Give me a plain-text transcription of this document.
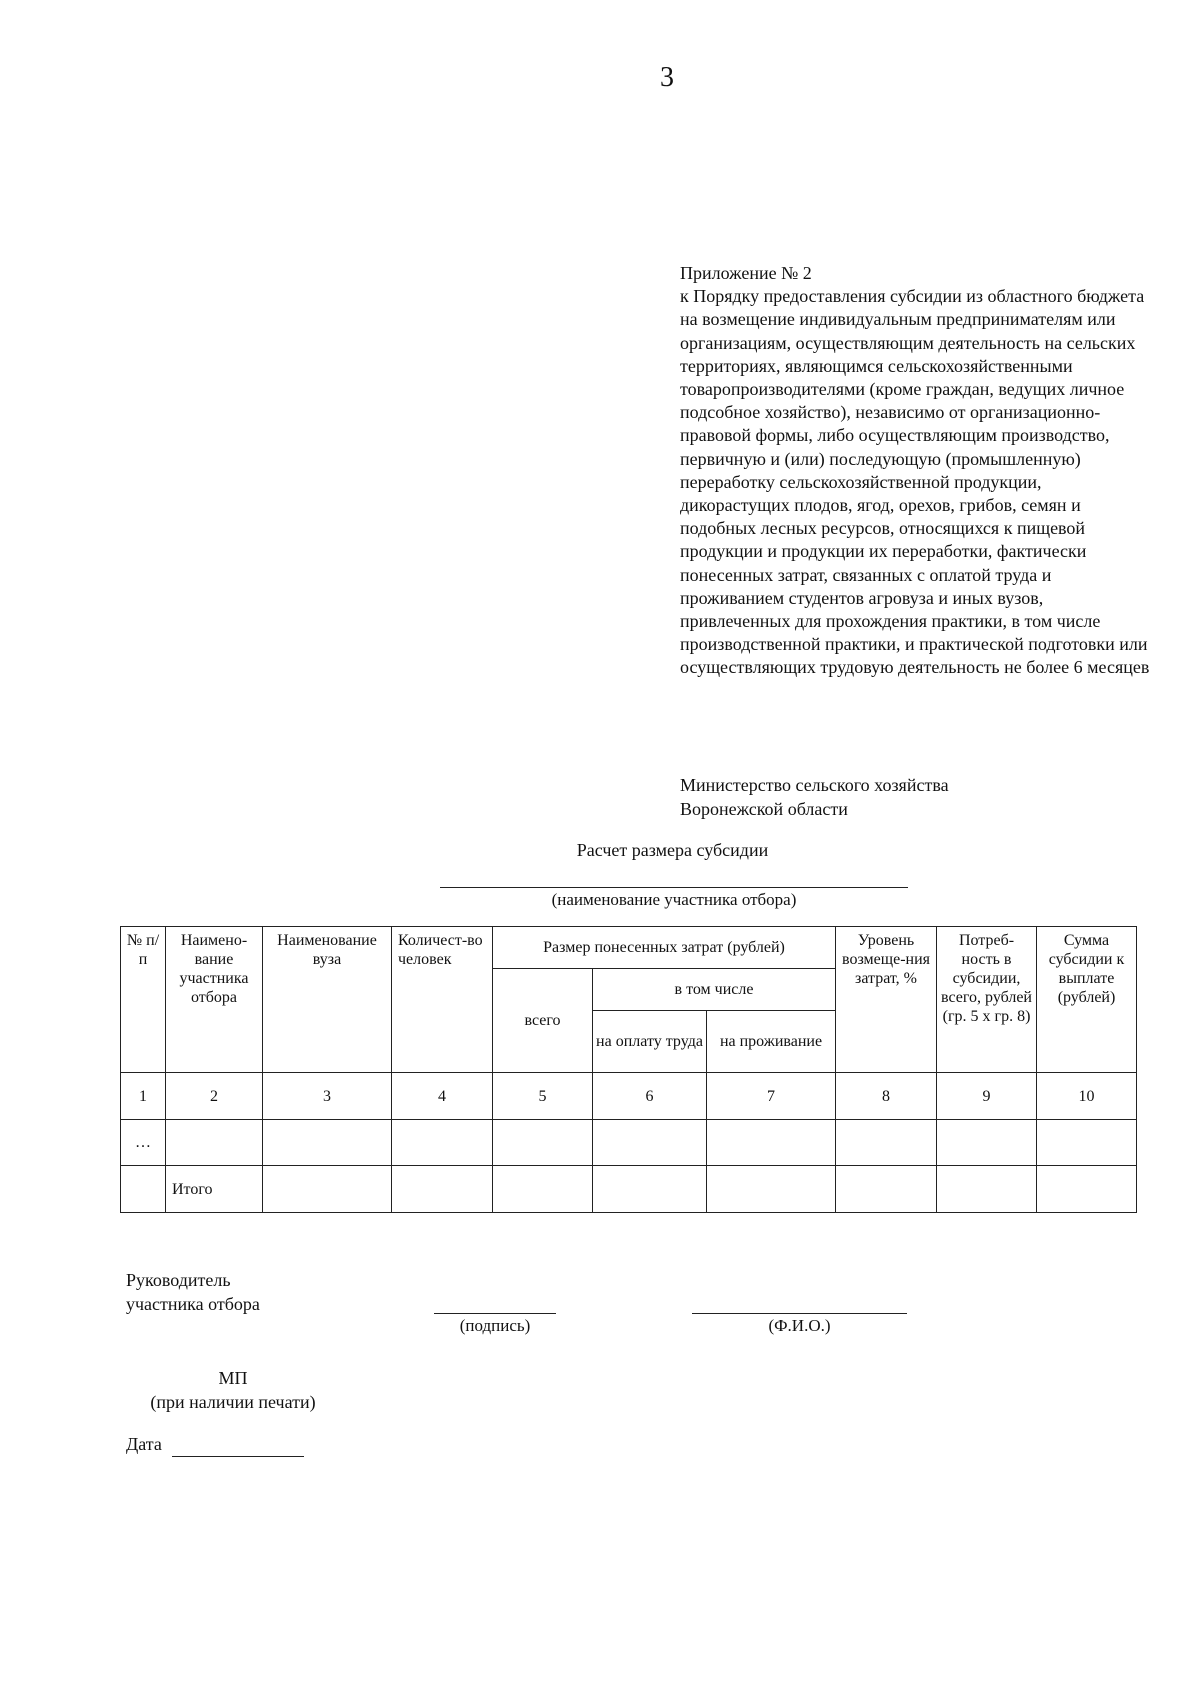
3
Приложение № 2
к Порядку предоставления субсидии из областного бюджета на возмещение индивидуальным предпринимателям или организациям, осуществляющим деятельность на сельских территориях, являющимся сельскохозяйственными товаропроизводителями (кроме граждан, ведущих личное подсобное хозяйство), независимо от организационно-правовой формы, либо осуществляющим производство, первичную и (или) последующую (промышленную) переработку сельскохозяйственной продукции, дикорастущих плодов, ягод, орехов, грибов, семян и подобных лесных ресурсов, относящихся к пищевой продукции и продукции их переработки, фактически понесенных затрат, связанных с оплатой труда и проживанием студентов агровуза и иных вузов, привлеченных для прохождения практики, в том числе производственной практики, и практической подготовки или осуществляющих трудовую деятельность не более 6 месяцев
Министерство сельского хозяйства
Воронежской области
Расчет размера субсидии
(наименование участника отбора)
№ п/п	Наимено-вание участника отбора	Наименование вуза	Количест-во человек	Размер понесенных затрат (рублей)			Уровень возмеще-ния затрат, %	Потреб-ность в субсидии, всего, рублей (гр. 5 х гр. 8)	Сумма субсидии к выплате (рублей)
				всего	в том числе				
					на оплату труда	на проживание			
1	2	3	4	5	6	7	8	9	10
…									
	Итого								
Руководитель
участника отбора
(подпись)	(Ф.И.О.)
МП
(при наличии печати)
Дата
